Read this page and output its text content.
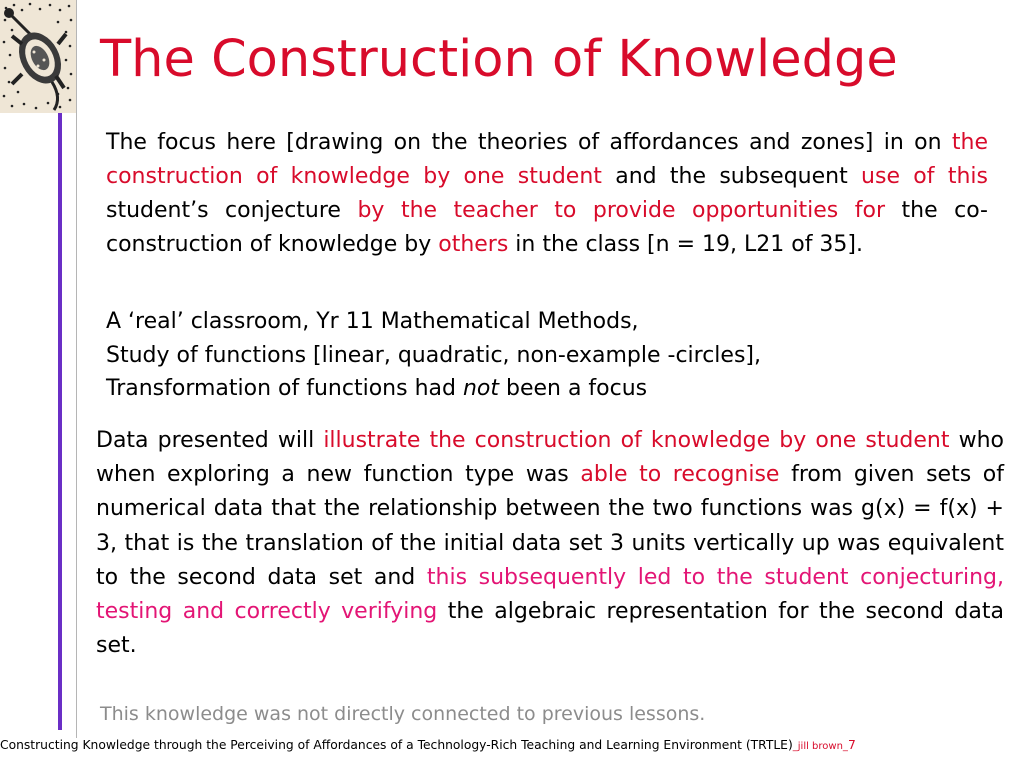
The Construction of Knowledge

The focus here [drawing on the theories of affordances and zones] in on the construction of knowledge by one student and the subsequent use of this student’s conjecture by the teacher to provide opportunities for the co-construction of knowledge by others in the class [n = 19, L21 of 35].

A ‘real’ classroom, Yr 11 Mathematical Methods,
Study of functions [linear, quadratic, non-example -circles],
Transformation of functions had not been a focus

Data presented will illustrate the construction of knowledge by one student who when exploring a new function type was able to recognise from given sets of numerical data that the relationship between the two functions was g(x) = f(x) + 3, that is the translation of the initial data set 3 units vertically up was equivalent to the second data set and this subsequently led to the student conjecturing, testing and correctly verifying the algebraic representation for the second data set.

This knowledge was not directly connected to previous lessons.

Constructing Knowledge through the Perceiving of Affordances of a Technology-Rich Teaching and Learning Environment (TRTLE)_jill brown_7
